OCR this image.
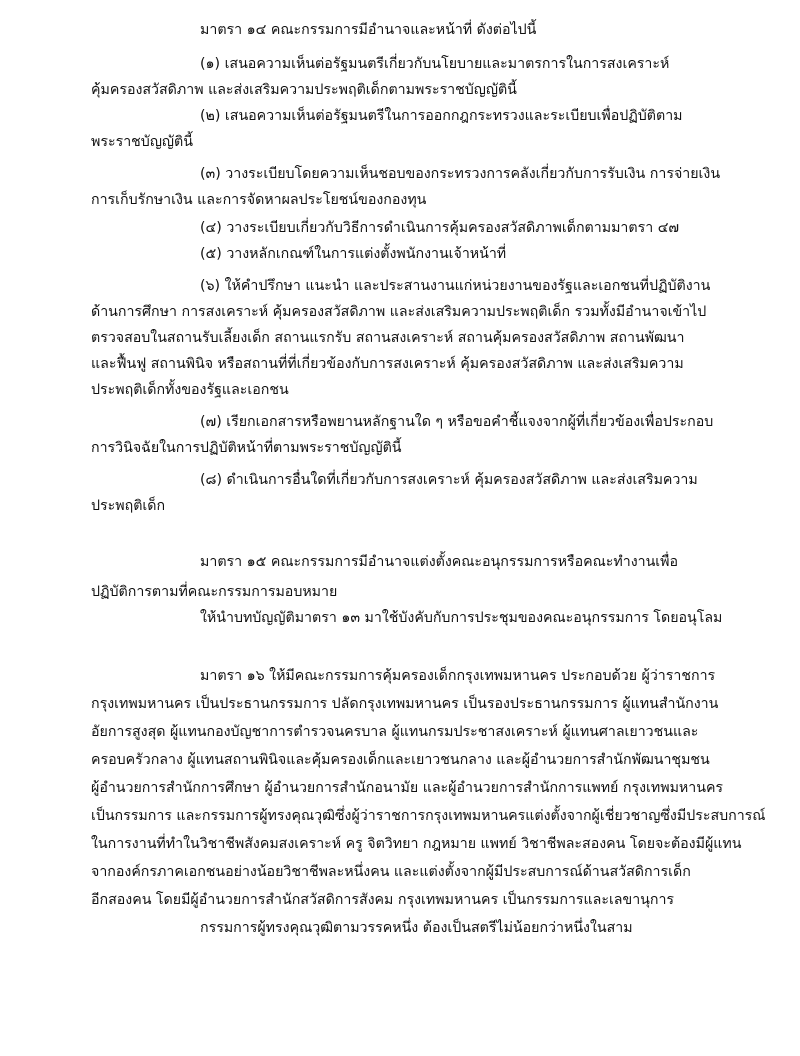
มาตรา ๑๔ คณะกรรมการมีอำนาจและหน้าที่ ดังต่อไปนี้
(๑) เสนอความเห็นต่อรัฐมนตรีเกี่ยวกับนโยบายและมาตรการในการสงเคราะห์
คุ้มครองสวัสดิภาพ และส่งเสริมความประพฤติเด็กตามพระราชบัญญัตินี้
(๒) เสนอความเห็นต่อรัฐมนตรีในการออกกฎกระทรวงและระเบียบเพื่อปฏิบัติตาม
พระราชบัญญัตินี้
(๓) วางระเบียบโดยความเห็นชอบของกระทรวงการคลังเกี่ยวกับการรับเงิน การจ่ายเงิน
การเก็บรักษาเงิน และการจัดหาผลประโยชน์ของกองทุน
(๔) วางระเบียบเกี่ยวกับวิธีการดำเนินการคุ้มครองสวัสดิภาพเด็กตามมาตรา ๔๗
(๕) วางหลักเกณฑ์ในการแต่งตั้งพนักงานเจ้าหน้าที่
(๖) ให้คำปรึกษา แนะนำ และประสานงานแก่หน่วยงานของรัฐและเอกชนที่ปฏิบัติงาน
ด้านการศึกษา การสงเคราะห์ คุ้มครองสวัสดิภาพ และส่งเสริมความประพฤติเด็ก รวมทั้งมีอำนาจเข้าไป
ตรวจสอบในสถานรับเลี้ยงเด็ก สถานแรกรับ สถานสงเคราะห์ สถานคุ้มครองสวัสดิภาพ สถานพัฒนา
และฟื้นฟู สถานพินิจ หรือสถานที่ที่เกี่ยวข้องกับการสงเคราะห์ คุ้มครองสวัสดิภาพ และส่งเสริมความ
ประพฤติเด็กทั้งของรัฐและเอกชน
(๗) เรียกเอกสารหรือพยานหลักฐานใด ๆ หรือขอคำชี้แจงจากผู้ที่เกี่ยวข้องเพื่อประกอบ
การวินิจฉัยในการปฏิบัติหน้าที่ตามพระราชบัญญัตินี้
(๘) ดำเนินการอื่นใดที่เกี่ยวกับการสงเคราะห์ คุ้มครองสวัสดิภาพ และส่งเสริมความ
ประพฤติเด็ก
มาตรา ๑๕ คณะกรรมการมีอำนาจแต่งตั้งคณะอนุกรรมการหรือคณะทำงานเพื่อ
ปฏิบัติการตามที่คณะกรรมการมอบหมาย
ให้นำบทบัญญัติมาตรา ๑๓ มาใช้บังคับกับการประชุมของคณะอนุกรรมการ โดยอนุโลม
มาตรา ๑๖ ให้มีคณะกรรมการคุ้มครองเด็กกรุงเทพมหานคร ประกอบด้วย ผู้ว่าราชการ
กรุงเทพมหานคร เป็นประธานกรรมการ ปลัดกรุงเทพมหานคร เป็นรองประธานกรรมการ ผู้แทนสำนักงาน
อัยการสูงสุด ผู้แทนกองบัญชาการตำรวจนครบาล ผู้แทนกรมประชาสงเคราะห์ ผู้แทนศาลเยาวชนและ
ครอบครัวกลาง ผู้แทนสถานพินิจและคุ้มครองเด็กและเยาวชนกลาง และผู้อำนวยการสำนักพัฒนาชุมชน
ผู้อำนวยการสำนักการศึกษา ผู้อำนวยการสำนักอนามัย และผู้อำนวยการสำนักการแพทย์ กรุงเทพมหานคร
เป็นกรรมการ และกรรมการผู้ทรงคุณวุฒิซึ่งผู้ว่าราชการกรุงเทพมหานครแต่งตั้งจากผู้เชี่ยวชาญซึ่งมีประสบการณ์
ในการงานที่ทำในวิชาชีพสังคมสงเคราะห์ ครู จิตวิทยา กฎหมาย แพทย์ วิชาชีพละสองคน โดยจะต้องมีผู้แทน
จากองค์กรภาคเอกชนอย่างน้อยวิชาชีพละหนึ่งคน และแต่งตั้งจากผู้มีประสบการณ์ด้านสวัสดิการเด็ก
อีกสองคน โดยมีผู้อำนวยการสำนักสวัสดิการสังคม กรุงเทพมหานคร เป็นกรรมการและเลขานุการ
กรรมการผู้ทรงคุณวุฒิตามวรรคหนึ่ง ต้องเป็นสตรีไม่น้อยกว่าหนึ่งในสาม
